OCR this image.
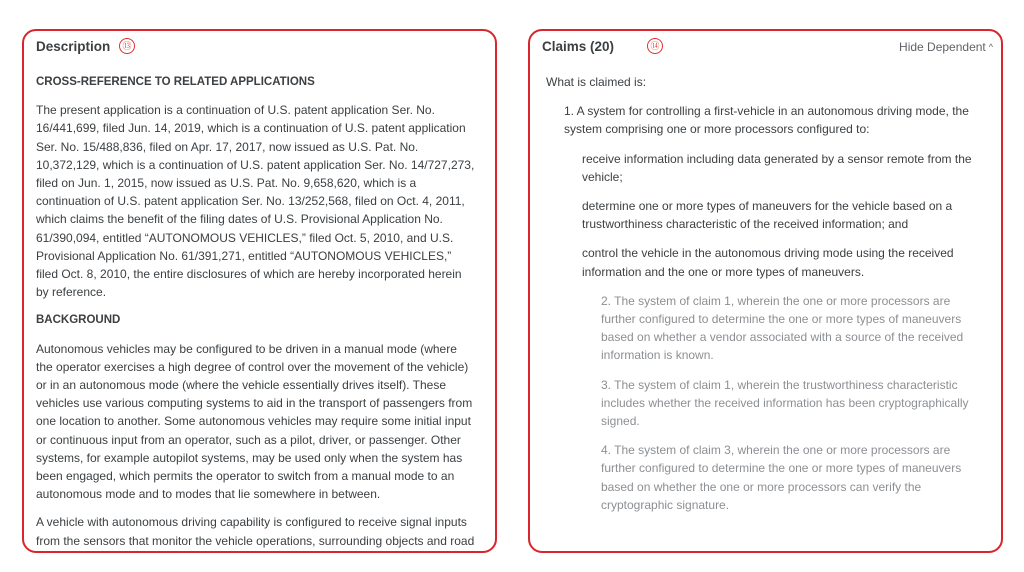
Description	⑬

CROSS-REFERENCE TO RELATED APPLICATIONS

The present application is a continuation of U.S. patent application Ser. No. 16/441,699, filed Jun. 14, 2019, which is a continuation of U.S. patent application Ser. No. 15/488,836, filed on Apr. 17, 2017, now issued as U.S. Pat. No. 10,372,129, which is a continuation of U.S. patent application Ser. No. 14/727,273, filed on Jun. 1, 2015, now issued as U.S. Pat. No. 9,658,620, which is a continuation of U.S. patent application Ser. No. 13/252,568, filed on Oct. 4, 2011, which claims the benefit of the filing dates of U.S. Provisional Application No. 61/390,094, entitled “AUTONOMOUS VEHICLES,” filed Oct. 5, 2010, and U.S. Provisional Application No. 61/391,271, entitled “AUTONOMOUS VEHICLES,” filed Oct. 8, 2010, the entire disclosures of which are hereby incorporated herein by reference.

BACKGROUND

Autonomous vehicles may be configured to be driven in a manual mode (where the operator exercises a high degree of control over the movement of the vehicle) or in an autonomous mode (where the vehicle essentially drives itself). These vehicles use various computing systems to aid in the transport of passengers from one location to another. Some autonomous vehicles may require some initial input or continuous input from an operator, such as a pilot, driver, or passenger. Other systems, for example autopilot systems, may be used only when the system has been engaged, which permits the operator to switch from a manual mode to an autonomous mode and to modes that lie somewhere in between.

A vehicle with autonomous driving capability is configured to receive signal inputs from the sensors that monitor the vehicle operations, surrounding objects and road

Claims (20)	⑭	Hide Dependent ^

What is claimed is:

1. A system for controlling a first-vehicle in an autonomous driving mode, the system comprising one or more processors configured to:

receive information including data generated by a sensor remote from the vehicle;

determine one or more types of maneuvers for the vehicle based on a trustworthiness characteristic of the received information; and

control the vehicle in the autonomous driving mode using the received information and the one or more types of maneuvers.

2. The system of claim 1, wherein the one or more processors are further configured to determine the one or more types of maneuvers based on whether a vendor associated with a source of the received information is known.

3. The system of claim 1, wherein the trustworthiness characteristic includes whether the received information has been cryptographically signed.

4. The system of claim 3, wherein the one or more processors are further configured to determine the one or more types of maneuvers based on whether the one or more processors can verify the cryptographic signature.
